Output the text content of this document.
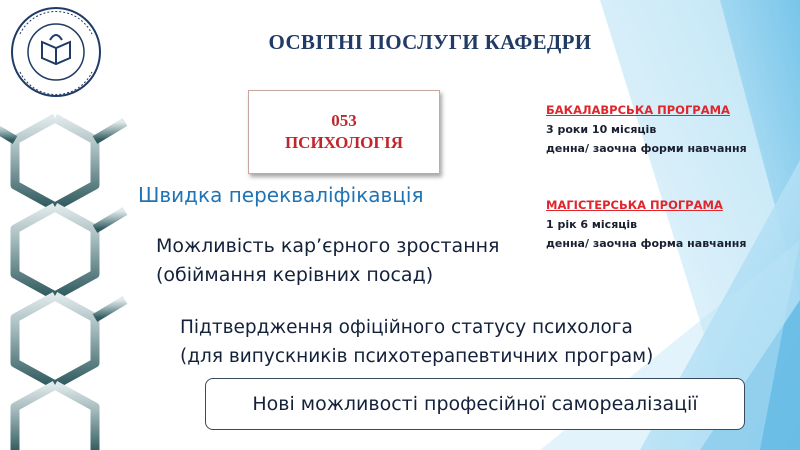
ОСВІТНІ ПОСЛУГИ КАФЕДРИ
053
ПСИХОЛОГІЯ
БАКАЛАВРСЬКА ПРОГРАМА
3 роки 10 місяців
денна/ заочна форми навчання
МАГІСТЕРСЬКА ПРОГРАМА
1 рік 6 місяців
денна/ заочна форма навчання
Швидка перекваліфікавція
Можливість кар’єрного зростання
(обіймання керівних посад)
Підтвердження офіційного статусу психолога
(для випускників психотерапевтичних програм)
Нові можливості професійної самореалізації
